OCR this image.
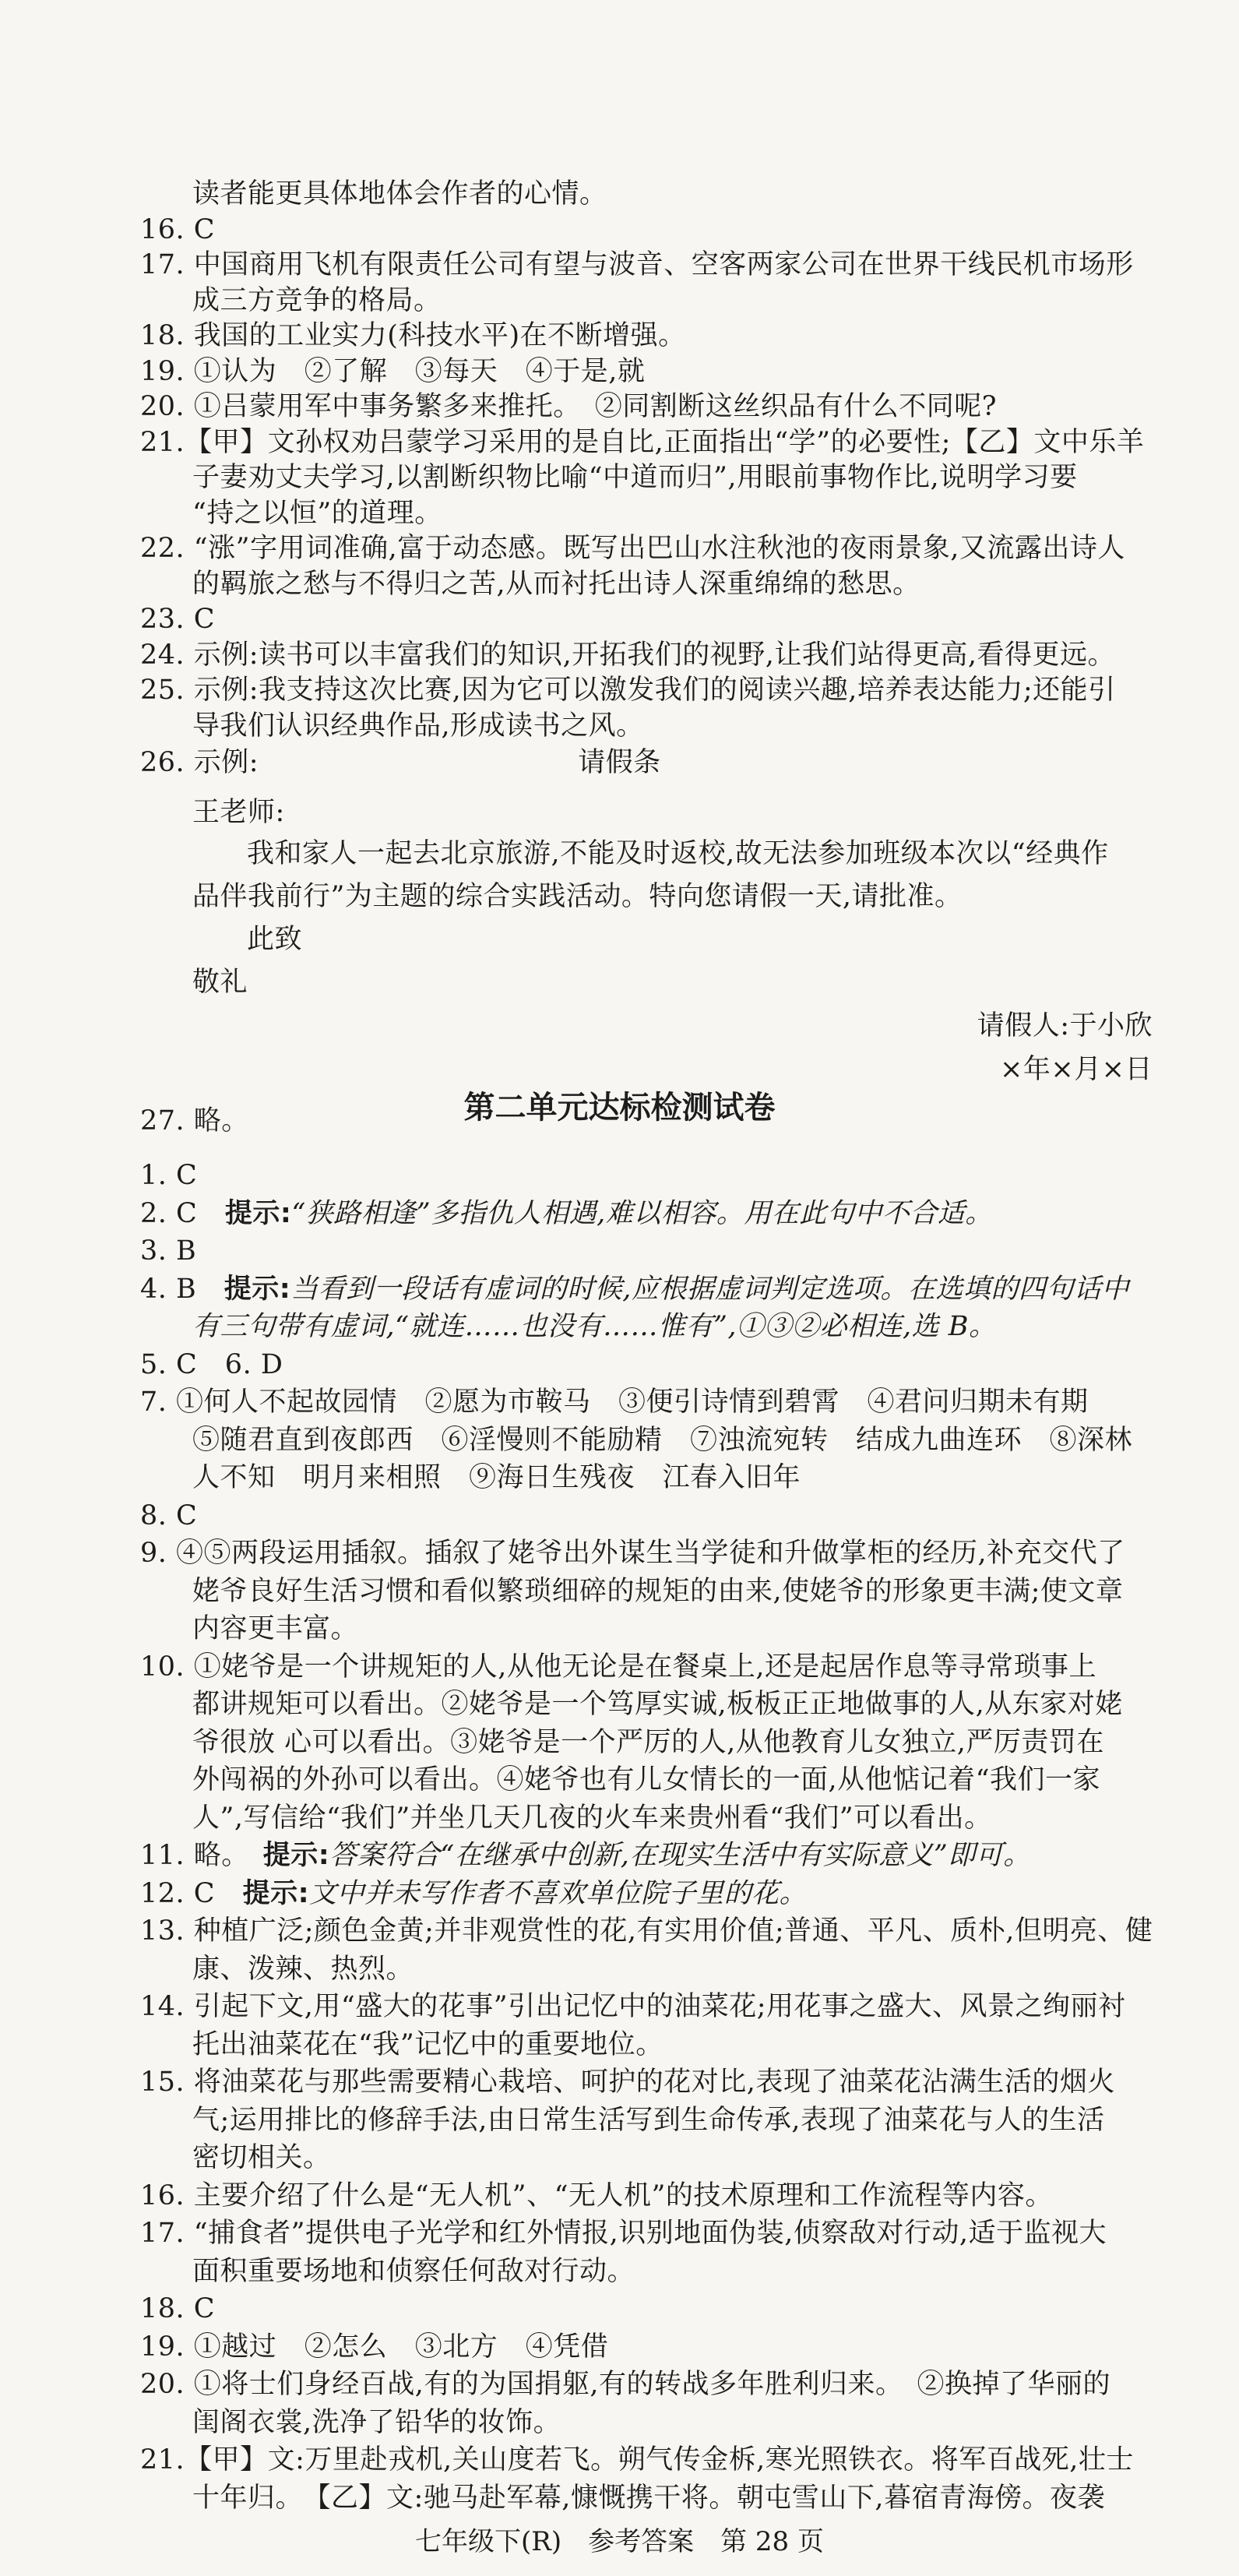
读者能更具体地体会作者的心情。
16. C
17. 中国商用飞机有限责任公司有望与波音、空客两家公司在世界干线民机市场形
成三方竞争的格局。
18. 我国的工业实力(科技水平)在不断增强。
19. ①认为　②了解　③每天　④于是,就
20. ①吕蒙用军中事务繁多来推托。　②同割断这丝织品有什么不同呢?
21.【甲】文孙权劝吕蒙学习采用的是自比,正面指出“学”的必要性;【乙】文中乐羊
子妻劝丈夫学习,以割断织物比喻“中道而归”,用眼前事物作比,说明学习要
“持之以恒”的道理。
22. “涨”字用词准确,富于动态感。既写出巴山水注秋池的夜雨景象,又流露出诗人
的羁旅之愁与不得归之苦,从而衬托出诗人深重绵绵的愁思。
23. C
24. 示例:读书可以丰富我们的知识,开拓我们的视野,让我们站得更高,看得更远。
25. 示例:我支持这次比赛,因为它可以激发我们的阅读兴趣,培养表达能力;还能引
导我们认识经典作品,形成读书之风。
26. 示例:	请假条
王老师:
我和家人一起去北京旅游,不能及时返校,故无法参加班级本次以“经典作
品伴我前行”为主题的综合实践活动。特向您请假一天,请批准。
此致
敬礼
请假人:于小欣
×年×月×日
27. 略。	第二单元达标检测试卷
1. C
2. C　提示:“狭路相逢”多指仇人相遇,难以相容。用在此句中不合适。
3. B
4. B　提示:当看到一段话有虚词的时候,应根据虚词判定选项。在选填的四句话中
有三句带有虚词,“就连……也没有……惟有”,①③②必相连,选 B。
5. C　6. D
7. ①何人不起故园情　②愿为市鞍马　③便引诗情到碧霄　④君问归期未有期
⑤随君直到夜郎西　⑥淫慢则不能励精　⑦浊流宛转　结成九曲连环　⑧深林
人不知　明月来相照　⑨海日生残夜　江春入旧年
8. C
9. ④⑤两段运用插叙。插叙了姥爷出外谋生当学徒和升做掌柜的经历,补充交代了
姥爷良好生活习惯和看似繁琐细碎的规矩的由来,使姥爷的形象更丰满;使文章
内容更丰富。
10. ①姥爷是一个讲规矩的人,从他无论是在餐桌上,还是起居作息等寻常琐事上
都讲规矩可以看出。②姥爷是一个笃厚实诚,板板正正地做事的人,从东家对姥
爷很放 心可以看出。③姥爷是一个严厉的人,从他教育儿女独立,严厉责罚在
外闯祸的外孙可以看出。④姥爷也有儿女情长的一面,从他惦记着“我们一家
人”,写信给“我们”并坐几天几夜的火车来贵州看“我们”可以看出。
11. 略。　提示:答案符合“在继承中创新,在现实生活中有实际意义”即可。
12. C　提示:文中并未写作者不喜欢单位院子里的花。
13. 种植广泛;颜色金黄;并非观赏性的花,有实用价值;普通、平凡、质朴,但明亮、健
康、泼辣、热烈。
14. 引起下文,用“盛大的花事”引出记忆中的油菜花;用花事之盛大、风景之绚丽衬
托出油菜花在“我”记忆中的重要地位。
15. 将油菜花与那些需要精心栽培、呵护的花对比,表现了油菜花沾满生活的烟火
气;运用排比的修辞手法,由日常生活写到生命传承,表现了油菜花与人的生活
密切相关。
16. 主要介绍了什么是“无人机”、“无人机”的技术原理和工作流程等内容。
17. “捕食者”提供电子光学和红外情报,识别地面伪装,侦察敌对行动,适于监视大
面积重要场地和侦察任何敌对行动。
18. C
19. ①越过　②怎么　③北方　④凭借
20. ①将士们身经百战,有的为国捐躯,有的转战多年胜利归来。　②换掉了华丽的
闺阁衣裳,洗净了铅华的妆饰。
21.【甲】文:万里赴戎机,关山度若飞。朔气传金柝,寒光照铁衣。将军百战死,壮士
十年归。　【乙】文:驰马赴军幕,慷慨携干将。朝屯雪山下,暮宿青海傍。夜袭
七年级下(R)　参考答案　第 28 页
